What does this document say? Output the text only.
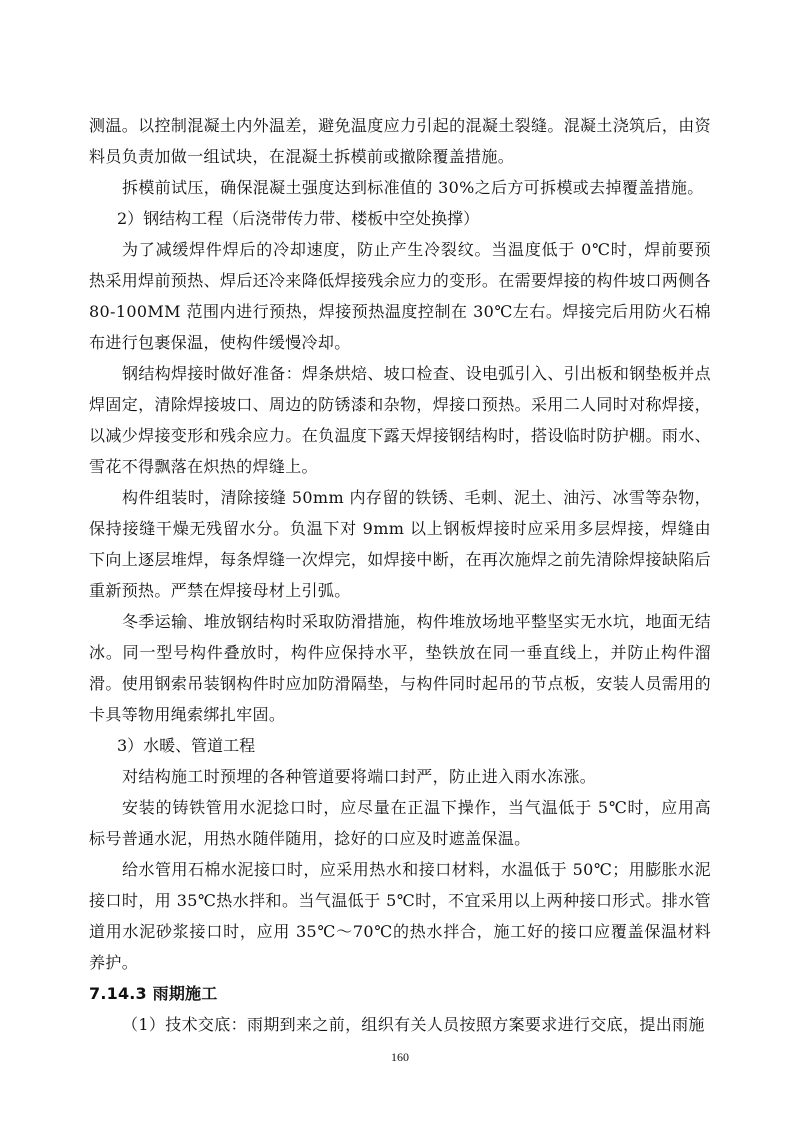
测温。以控制混凝土内外温差，避免温度应力引起的混凝土裂缝。混凝土浇筑后，由资料员负责加做一组试块，在混凝土拆模前或撤除覆盖措施。

拆模前试压，确保混凝土强度达到标准值的 30%之后方可拆模或去掉覆盖措施。

2）钢结构工程（后浇带传力带、楼板中空处换撑）

为了减缓焊件焊后的冷却速度，防止产生冷裂纹。当温度低于 0℃时，焊前要预热采用焊前预热、焊后还冷来降低焊接残余应力的变形。在需要焊接的构件坡口两侧各 80-100MM 范围内进行预热，焊接预热温度控制在 30℃左右。焊接完后用防火石棉布进行包裹保温，使构件缓慢冷却。

钢结构焊接时做好准备：焊条烘焙、坡口检查、设电弧引入、引出板和钢垫板并点焊固定，清除焊接坡口、周边的防锈漆和杂物，焊接口预热。采用二人同时对称焊接，以减少焊接变形和残余应力。在负温度下露天焊接钢结构时，搭设临时防护棚。雨水、雪花不得飘落在炽热的焊缝上。

构件组装时，清除接缝 50mm 内存留的铁锈、毛刺、泥土、油污、冰雪等杂物，保持接缝干燥无残留水分。负温下对 9mm 以上钢板焊接时应采用多层焊接，焊缝由下向上逐层堆焊，每条焊缝一次焊完，如焊接中断，在再次施焊之前先清除焊接缺陷后重新预热。严禁在焊接母材上引弧。

冬季运输、堆放钢结构时采取防滑措施，构件堆放场地平整坚实无水坑，地面无结冰。同一型号构件叠放时，构件应保持水平，垫铁放在同一垂直线上，并防止构件溜滑。使用钢索吊装钢构件时应加防滑隔垫，与构件同时起吊的节点板，安装人员需用的卡具等物用绳索绑扎牢固。

3）水暖、管道工程

对结构施工时预埋的各种管道要将端口封严，防止进入雨水冻涨。

安装的铸铁管用水泥捻口时，应尽量在正温下操作，当气温低于 5℃时，应用高标号普通水泥，用热水随伴随用，捻好的口应及时遮盖保温。

给水管用石棉水泥接口时，应采用热水和接口材料，水温低于 50℃；用膨胀水泥接口时，用 35℃热水拌和。当气温低于 5℃时，不宜采用以上两种接口形式。排水管道用水泥砂浆接口时，应用 35℃～70℃的热水拌合，施工好的接口应覆盖保温材料养护。

7.14.3 雨期施工

（1）技术交底：雨期到来之前，组织有关人员按照方案要求进行交底，提出雨施

160
